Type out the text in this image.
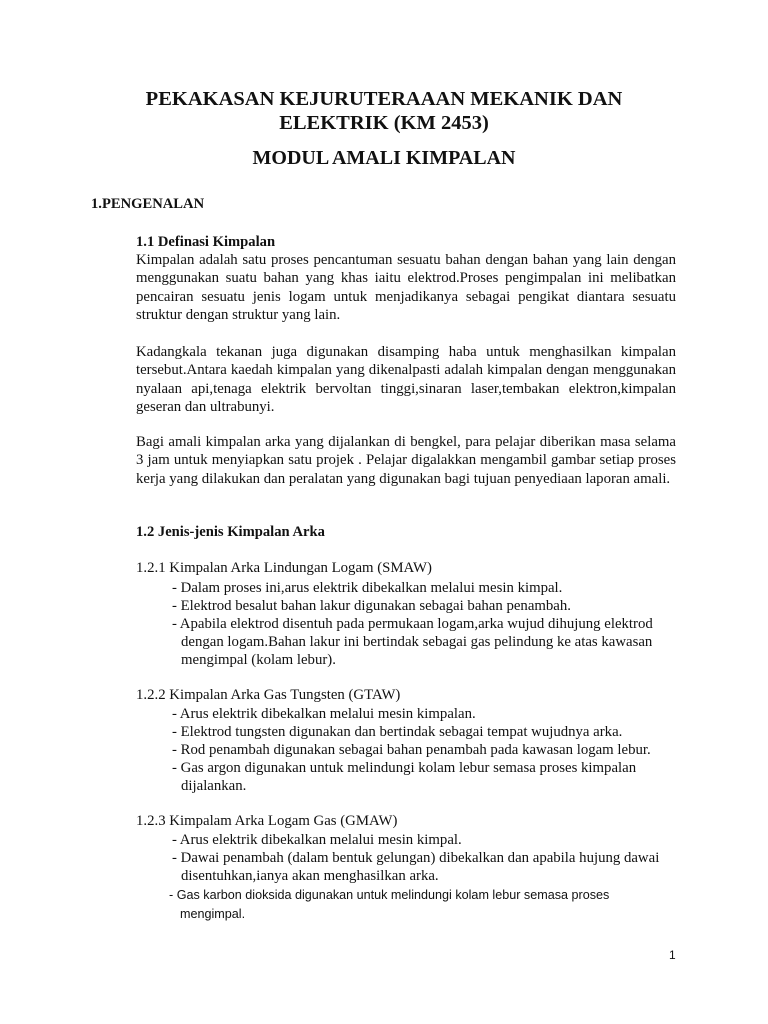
PEKAKASAN KEJURUTERAAAN MEKANIK DAN
ELEKTRIK (KM 2453)
MODUL AMALI KIMPALAN
1.PENGENALAN
1.1 Definasi Kimpalan
Kimpalan adalah satu proses pencantuman sesuatu bahan dengan bahan yang lain dengan menggunakan suatu bahan yang khas iaitu elektrod.Proses pengimpalan ini melibatkan pencairan sesuatu jenis logam untuk menjadikanya sebagai pengikat diantara sesuatu struktur dengan struktur yang lain.
Kadangkala tekanan juga digunakan disamping haba untuk menghasilkan kimpalan tersebut.Antara kaedah kimpalan yang dikenalpasti adalah kimpalan dengan menggunakan nyalaan api,tenaga elektrik bervoltan tinggi,sinaran laser,tembakan elektron,kimpalan geseran dan ultrabunyi.
Bagi amali kimpalan arka yang dijalankan di bengkel, para pelajar diberikan masa selama 3 jam untuk menyiapkan satu projek . Pelajar digalakkan mengambil gambar setiap proses kerja yang dilakukan dan peralatan yang digunakan bagi tujuan penyediaan laporan amali.
1.2 Jenis-jenis Kimpalan Arka
1.2.1 Kimpalan Arka Lindungan Logam (SMAW)
- Dalam proses ini,arus elektrik dibekalkan melalui mesin kimpal.
- Elektrod besalut bahan lakur digunakan sebagai bahan penambah.
- Apabila elektrod disentuh pada permukaan logam,arka wujud dihujung elektrod
dengan logam.Bahan lakur ini bertindak sebagai gas pelindung ke atas kawasan
mengimpal (kolam lebur).
1.2.2 Kimpalan Arka Gas Tungsten (GTAW)
- Arus elektrik dibekalkan melalui mesin kimpalan.
- Elektrod tungsten digunakan dan bertindak sebagai tempat wujudnya arka.
- Rod penambah digunakan sebagai bahan penambah pada kawasan logam lebur.
- Gas argon digunakan untuk melindungi kolam lebur semasa proses kimpalan
dijalankan.
1.2.3 Kimpalam Arka Logam Gas (GMAW)
- Arus elektrik dibekalkan melalui mesin kimpal.
- Dawai penambah (dalam bentuk gelungan) dibekalkan dan apabila hujung dawai
disentuhkan,ianya akan menghasilkan arka.
- Gas karbon dioksida digunakan untuk melindungi kolam lebur semasa proses
mengimpal.
1
